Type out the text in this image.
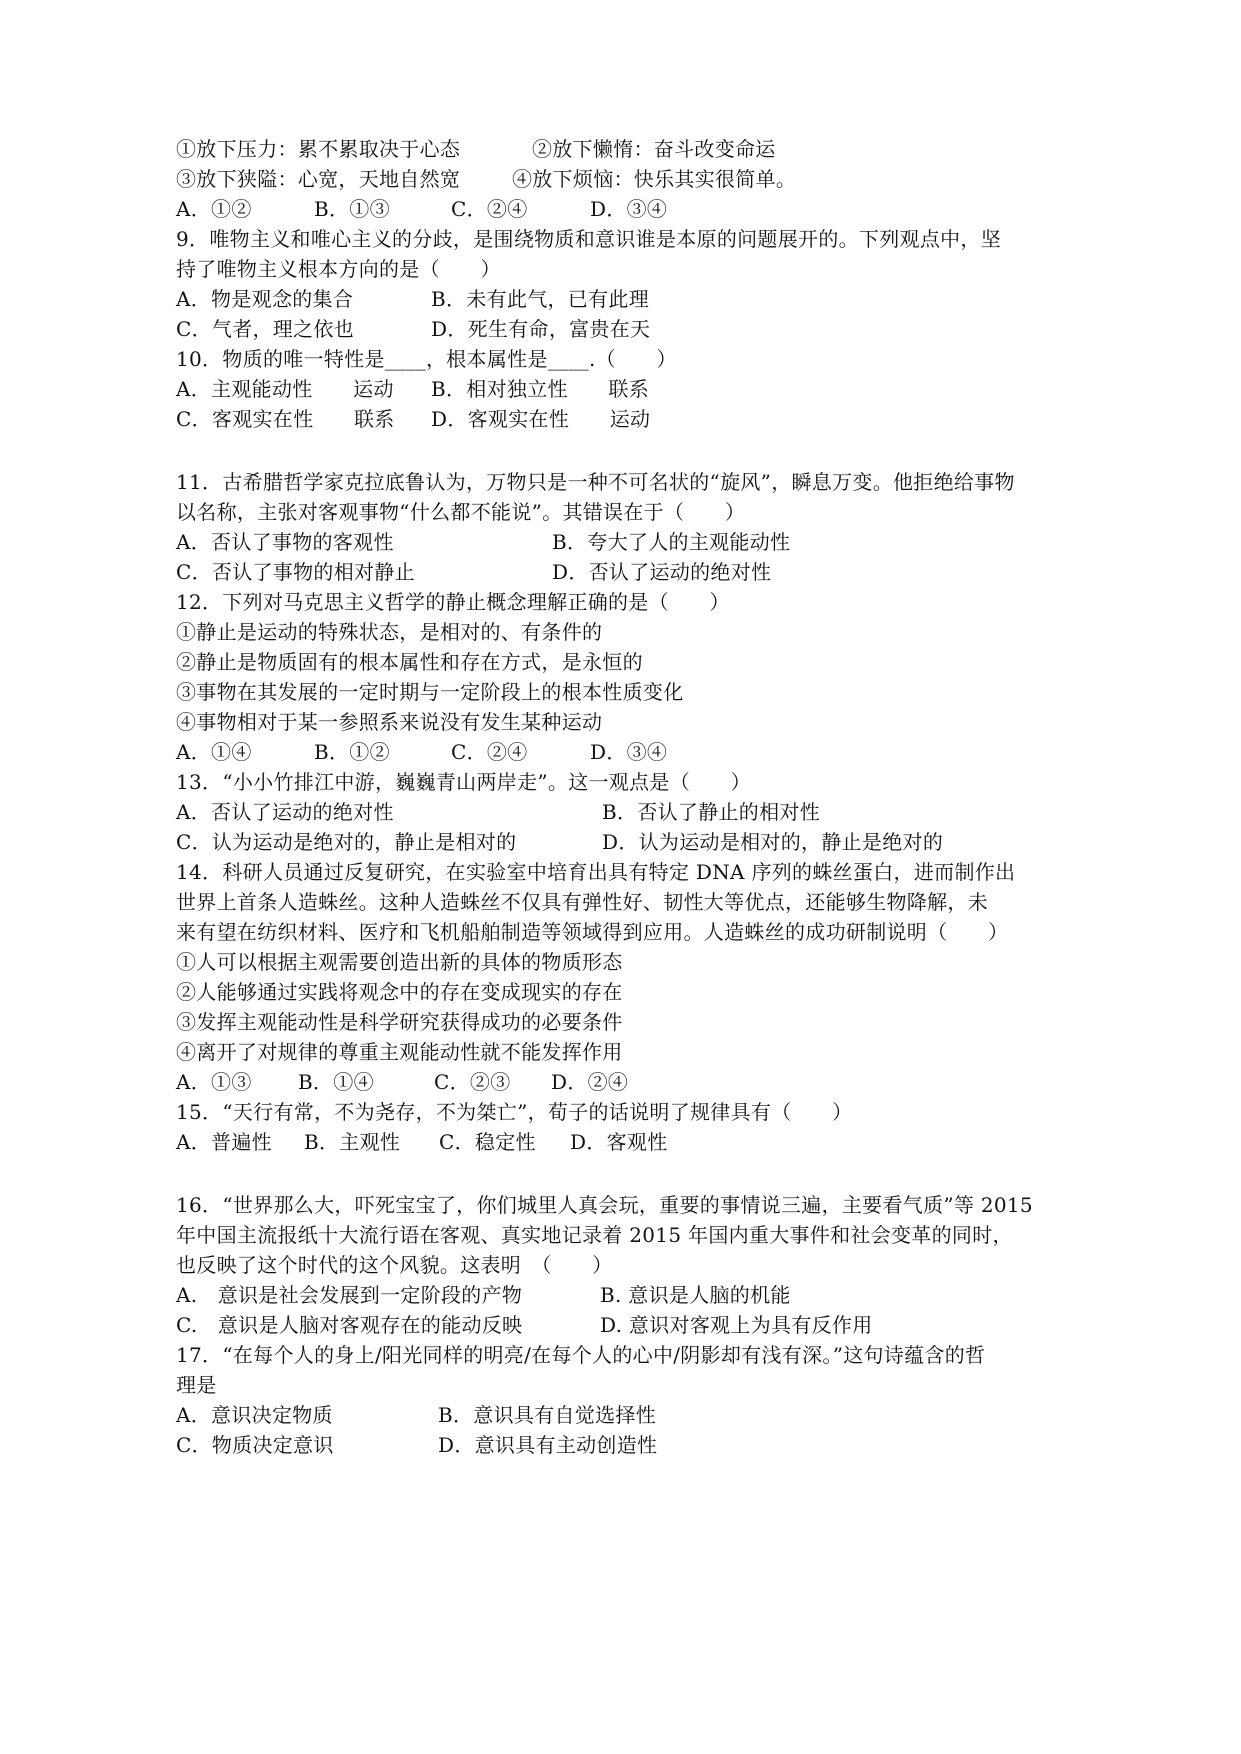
①放下压力：累不累取决于心态	②放下懒惰：奋斗改变命运
③放下狭隘：心宽，天地自然宽	④放下烦恼：快乐其实很简单。
A．①②	B．①③	C．②④	D．③④
9．唯物主义和唯心主义的分歧，是围绕物质和意识谁是本原的问题展开的。下列观点中，坚
持了唯物主义根本方向的是（　　）
A．物是观念的集合	B．未有此气，已有此理
C．气者，理之依也	D．死生有命，富贵在天
10．物质的唯一特性是____，根本属性是____.（　　）
A．主观能动性　　运动 B．相对独立性　　联系
C．客观实在性　　联系 D．客观实在性　　运动
11．古希腊哲学家克拉底鲁认为，万物只是一种不可名状的“旋风”，瞬息万变。他拒绝给事物
以名称，主张对客观事物“什么都不能说”。其错误在于（　　）
A．否认了事物的客观性	B．夸大了人的主观能动性
C．否认了事物的相对静止	D．否认了运动的绝对性
12．下列对马克思主义哲学的静止概念理解正确的是（　　）
①静止是运动的特殊状态，是相对的、有条件的
②静止是物质固有的根本属性和存在方式，是永恒的
③事物在其发展的一定时期与一定阶段上的根本性质变化
④事物相对于某一参照系来说没有发生某种运动
A．①④	B．①②	C．②④	D．③④
13．“小小竹排江中游，巍巍青山两岸走”。这一观点是（　　）
A．否认了运动的绝对性	B．否认了静止的相对性
C．认为运动是绝对的，静止是相对的	D．认为运动是相对的，静止是绝对的
14．科研人员通过反复研究，在实验室中培育出具有特定 DNA 序列的蛛丝蛋白，进而制作出
世界上首条人造蛛丝。这种人造蛛丝不仅具有弹性好、韧性大等优点，还能够生物降解，未
来有望在纺织材料、医疗和飞机船舶制造等领域得到应用。人造蛛丝的成功研制说明（　　）
①人可以根据主观需要创造出新的具体的物质形态
②人能够通过实践将观念中的存在变成现实的存在
③发挥主观能动性是科学研究获得成功的必要条件
④离开了对规律的尊重主观能动性就不能发挥作用
A．①③ B．①④	C．②③ D．②④
15．“天行有常，不为尧存，不为桀亡”，荀子的话说明了规律具有（　　）
A．普遍性 B．主观性 C．稳定性 D．客观性
16．“世界那么大，吓死宝宝了，你们城里人真会玩，重要的事情说三遍，主要看气质”等 2015
年中国主流报纸十大流行语在客观、真实地记录着 2015 年国内重大事件和社会变革的同时，
也反映了这个时代的这个风貌。这表明　（　　）
A.　意识是社会发展到一定阶段的产物	B. 意识是人脑的机能
C.　意识是人脑对客观存在的能动反映	D. 意识对客观上为具有反作用
17．“在每个人的身上/阳光同样的明亮/在每个人的心中/阴影却有浅有深。”这句诗蕴含的哲
理是
A．意识决定物质	B．意识具有自觉选择性
C．物质决定意识	D．意识具有主动创造性
